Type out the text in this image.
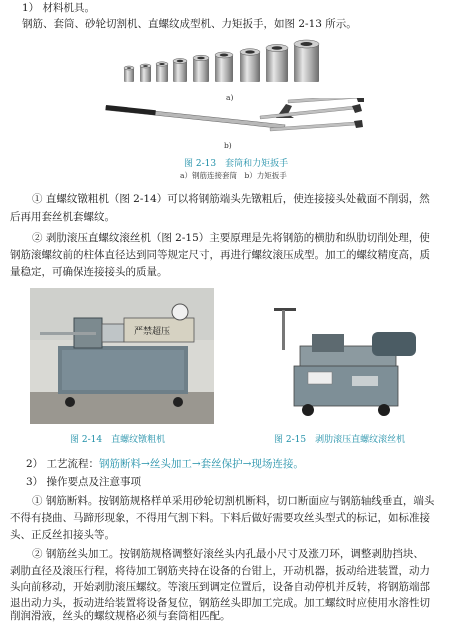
1） 材料机具。
钢筋、套筒、砂轮切割机、直螺纹成型机、力矩扳手，如图 2-13 所示。
a)
b)
图 2-13　套筒和力矩扳手
a）钢筋连接套筒　b）力矩扳手
① 直螺纹镦粗机（图 2-14）可以将钢筋端头先镦粗后，使连接接头处截面不削弱，然
后再用套丝机套螺纹。
② 剥肋滚压直螺纹滚丝机（图 2-15）主要原理是先将钢筋的横肋和纵肋切削处理，使
钢筋滚螺纹前的柱体直径达到同等规定尺寸，再进行螺纹滚压成型。加工的螺纹精度高，质
量稳定，可确保连接接头的质量。
严禁超压
图 2-14　直螺纹镦粗机	图 2-15　剥肋滚压直螺纹滚丝机
2） 工艺流程：钢筋断料→丝头加工→套丝保护→现场连接。
3） 操作要点及注意事项
① 钢筋断料。按钢筋规格样单采用砂轮切割机断料，切口断面应与钢筋轴线垂直，端头
不得有挠曲、马蹄形现象，不得用气割下料。下料后做好需要攻丝头型式的标记，如标准接
头、正反丝扣接头等。
② 钢筋丝头加工。按钢筋规格调整好滚丝头内孔最小尺寸及涨刀环，调整剥肋挡块、
剥肋直径及滚压行程，将待加工钢筋夹持在设备的台钳上，开动机器，扳动给进装置，动力
头向前移动，开始剥肋滚压螺纹。等滚压到调定位置后，设备自动停机并反转，将钢筋端部
退出动力头，扳动进给装置将设备复位，钢筋丝头即加工完成。加工螺纹时应使用水溶性切
削润滑液，丝头的螺纹规格必须与套筒相匹配。
